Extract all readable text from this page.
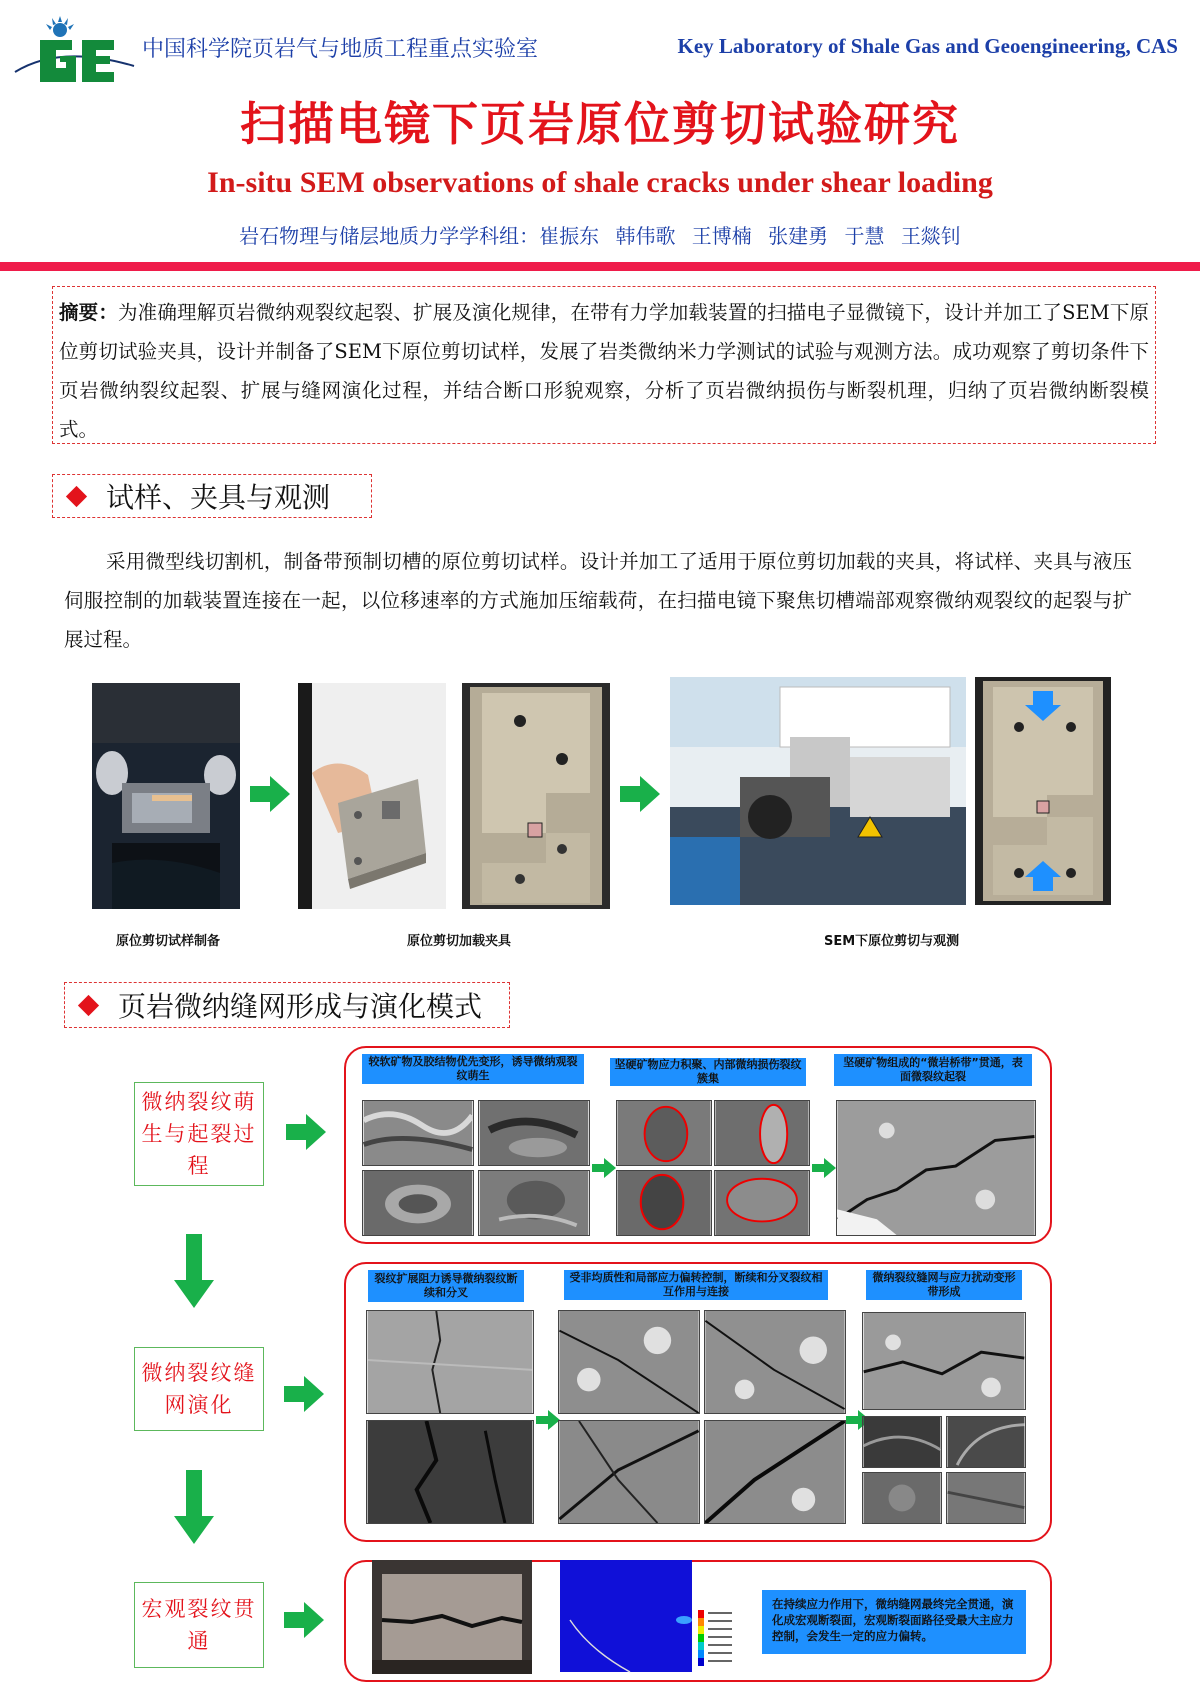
中国科学院页岩气与地质工程重点实验室	Key Laboratory of Shale Gas and Geoengineering, CAS
扫描电镜下页岩原位剪切试验研究
In-situ SEM observations of shale cracks under shear loading
岩石物理与储层地质力学学科组：崔振东 韩伟歌 王博楠 张建勇 于慧 王燚钊
摘要：为准确理解页岩微纳观裂纹起裂、扩展及演化规律，在带有力学加载装置的扫描电子显微镜下，设计并加工了SEM下原位剪切试验夹具，设计并制备了SEM下原位剪切试样，发展了岩类微纳米力学测试的试验与观测方法。成功观察了剪切条件下页岩微纳裂纹起裂、扩展与缝网演化过程，并结合断口形貌观察，分析了页岩微纳损伤与断裂机理，归纳了页岩微纳断裂模式。
试样、夹具与观测
采用微型线切割机，制备带预制切槽的原位剪切试样。设计并加工了适用于原位剪切加载的夹具，将试样、夹具与液压伺服控制的加载装置连接在一起，以位移速率的方式施加压缩载荷，在扫描电镜下聚焦切槽端部观察微纳观裂纹的起裂与扩展过程。
原位剪切试样制备	原位剪切加载夹具	SEM下原位剪切与观测
页岩微纳缝网形成与演化模式
微纳裂纹萌生与起裂过程
微纳裂纹缝网演化
宏观裂纹贯通
较软矿物及胶结物优先变形，诱导微纳观裂纹萌生
坚硬矿物应力积聚、内部微纳损伤裂纹簇集
坚硬矿物组成的“微岩桥带”贯通，表面微裂纹起裂
裂纹扩展阻力诱导微纳裂纹断续和分叉
受非均质性和局部应力偏转控制，断续和分叉裂纹相互作用与连接
微纳裂纹缝网与应力扰动变形带形成
在持续应力作用下，微纳缝网最终完全贯通，演化成宏观断裂面，宏观断裂面路径受最大主应力控制，会发生一定的应力偏转。
